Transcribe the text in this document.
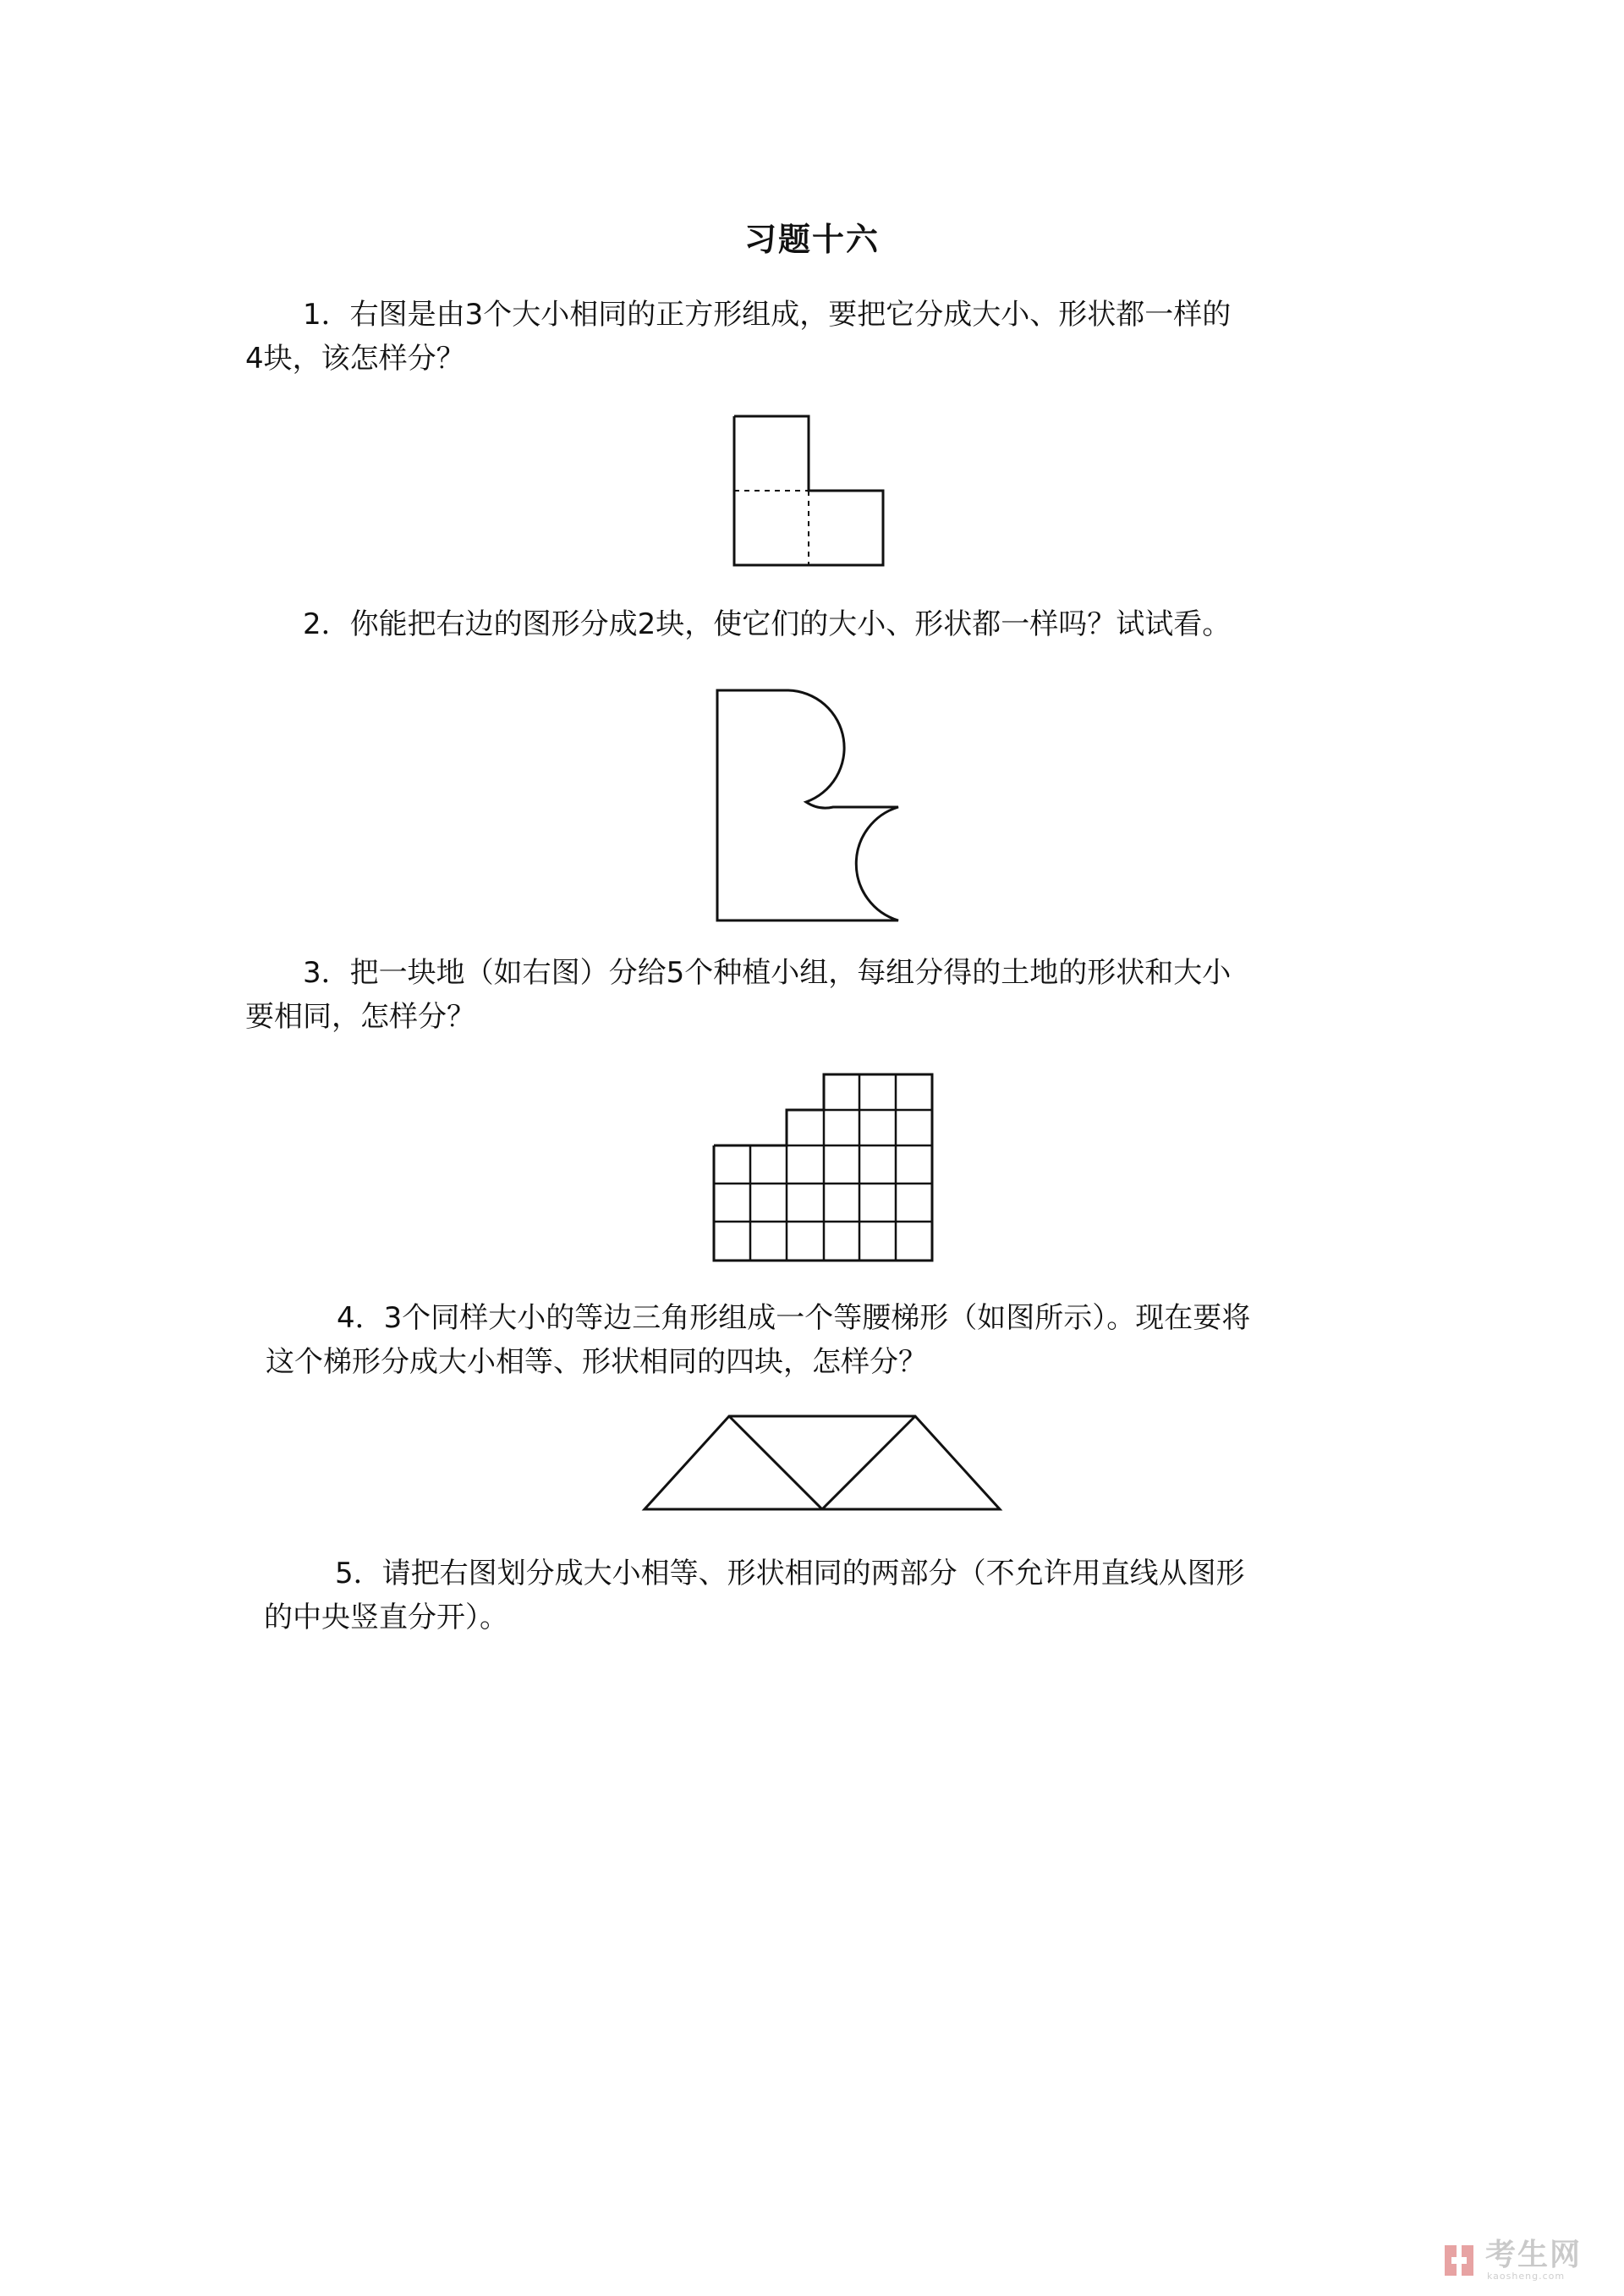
习题十六
1．右图是由3个大小相同的正方形组成，要把它分成大小、形状都一样的
4块，该怎样分？
2．你能把右边的图形分成2块，使它们的大小、形状都一样吗？试试看。
3．把一块地（如右图）分给5个种植小组，每组分得的土地的形状和大小
要相同，怎样分？
4．3个同样大小的等边三角形组成一个等腰梯形（如图所示）。现在要将
这个梯形分成大小相等、形状相同的四块，怎样分？
5．请把右图划分成大小相等、形状相同的两部分（不允许用直线从图形
的中央竖直分开）。
考生网
kaosheng.com
